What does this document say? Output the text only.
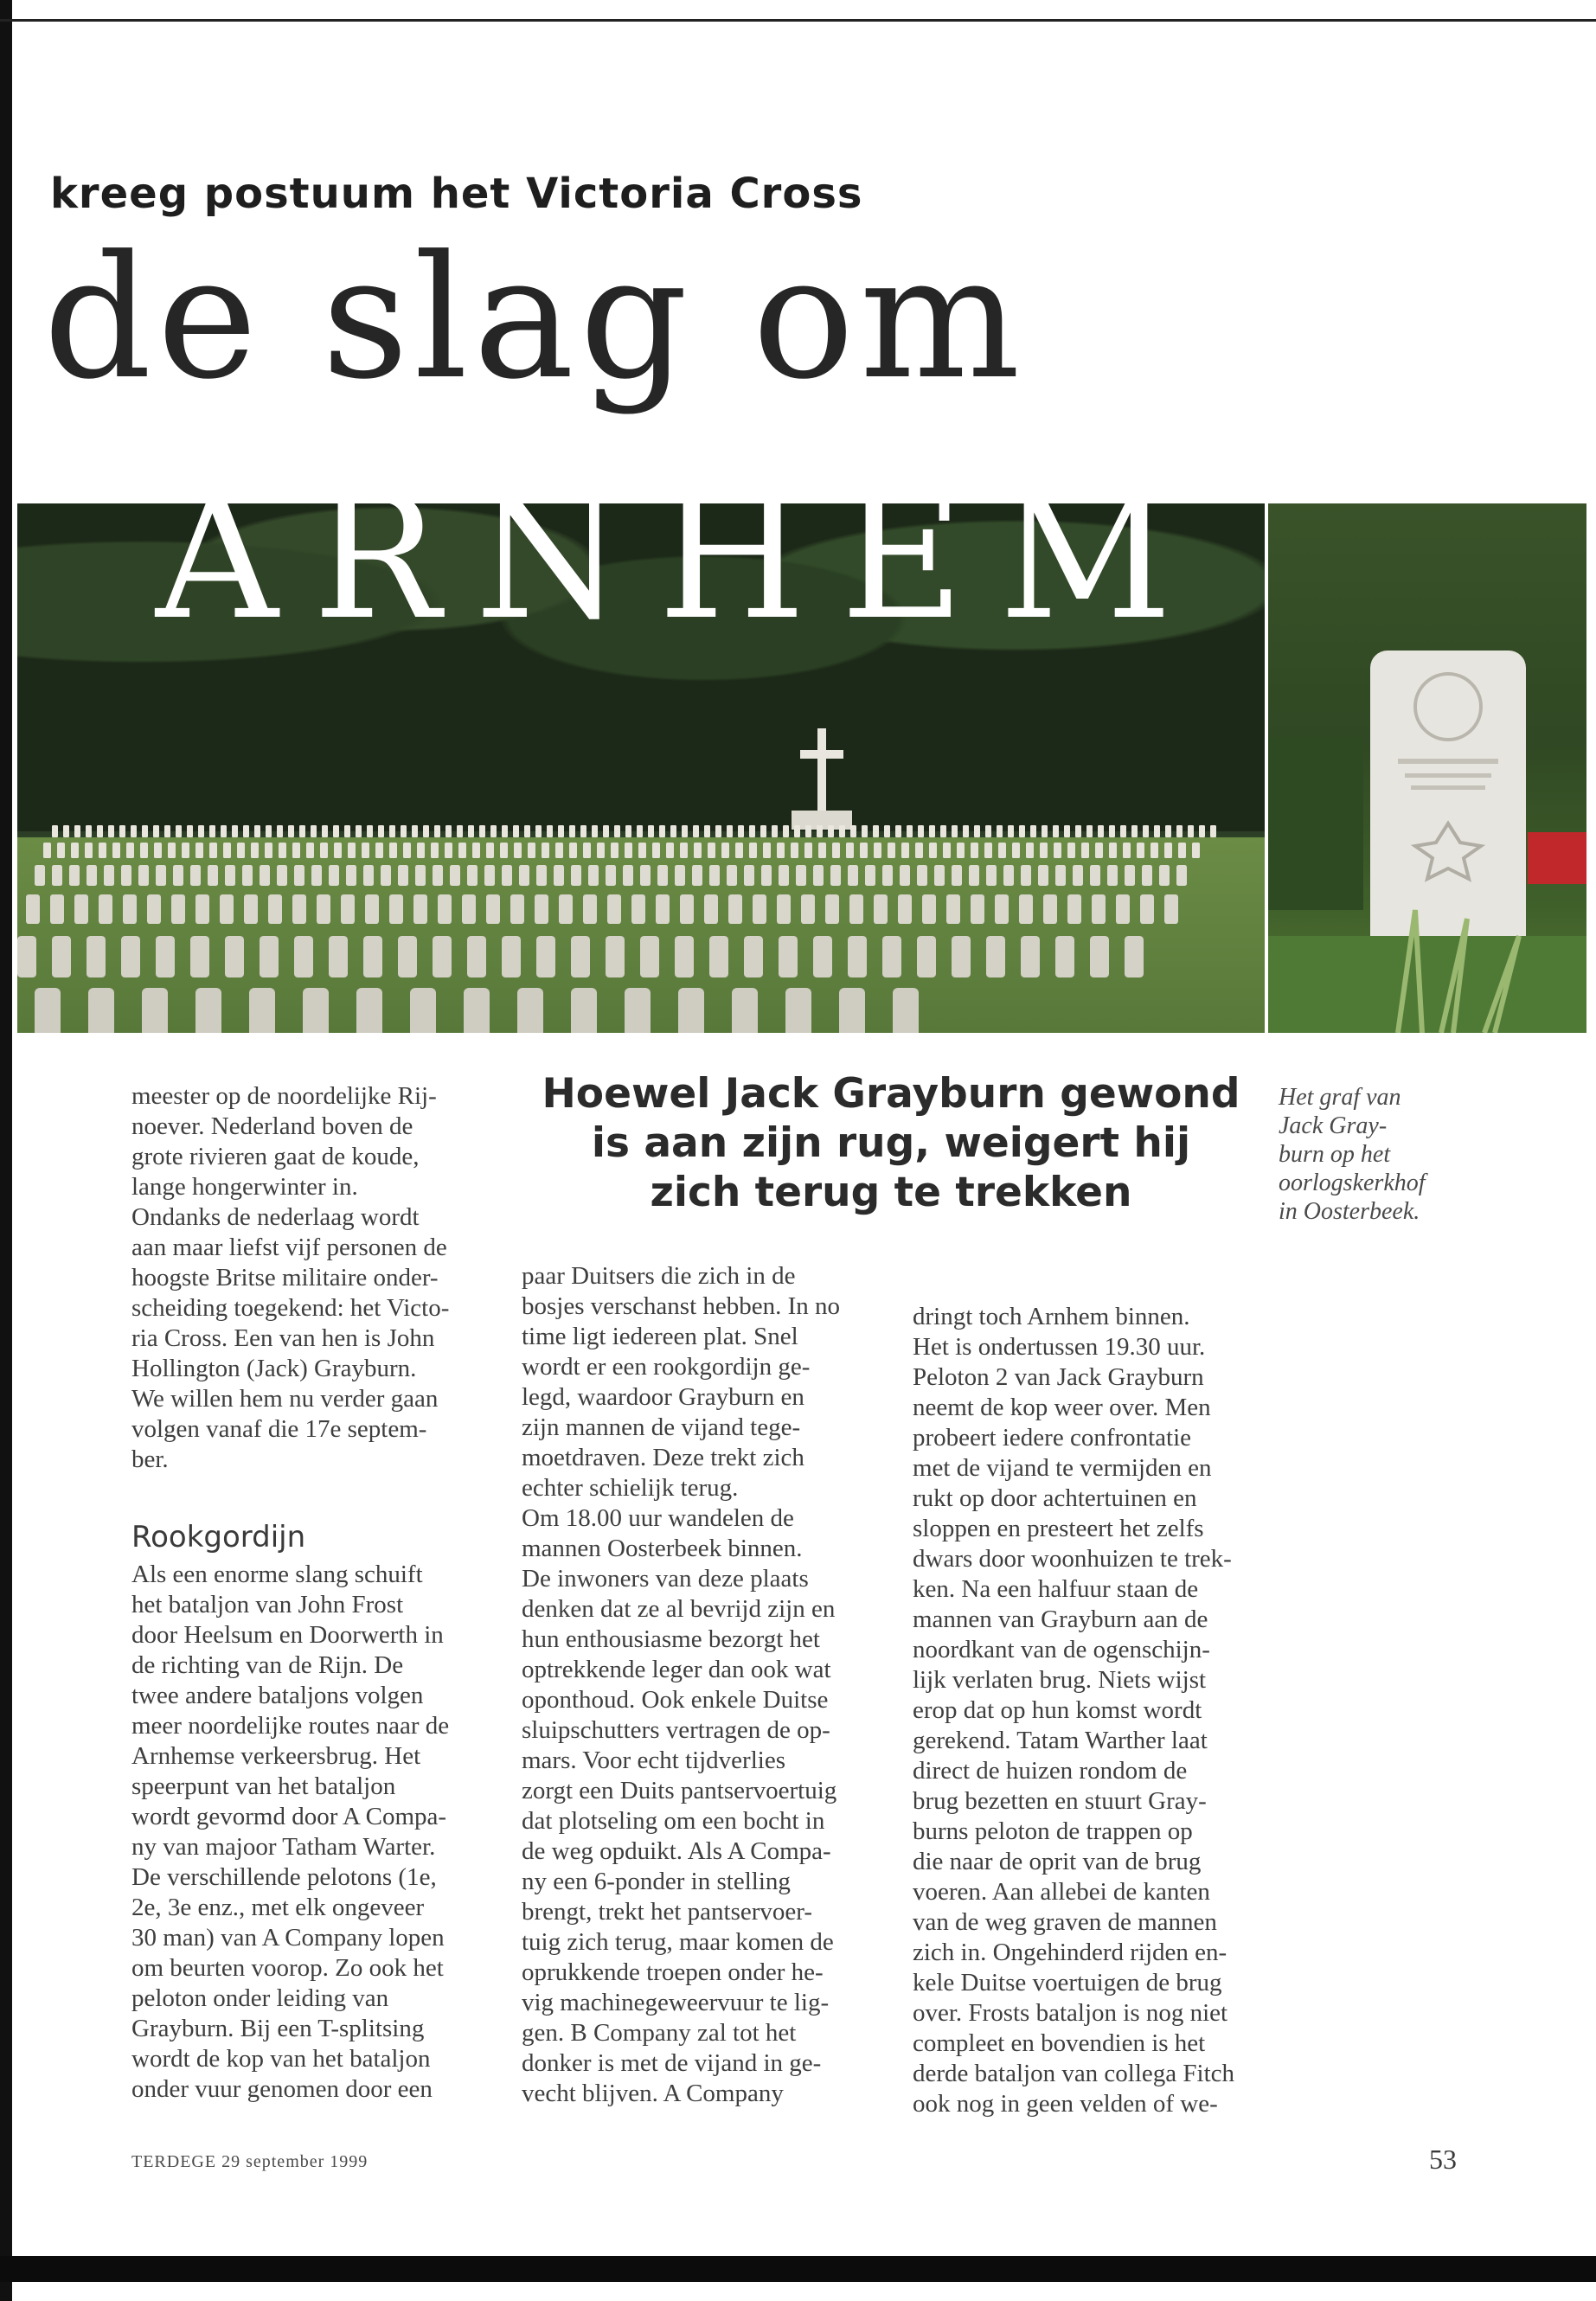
kreeg postuum het Victoria Cross
de slag om
ARNHEM

meester op de noordelijke Rij-

noever. Nederland boven de

grote rivieren gaat de koude,

lange hongerwinter in.

Ondanks de nederlaag wordt

aan maar liefst vijf personen de

hoogste Britse militaire onder-

scheiding toegekend: het Victo-

ria Cross. Een van hen is John

Hollington (Jack) Grayburn.

We willen hem nu verder gaan

volgen vanaf die 17e septem-

ber.

Rookgordijn

Als een enorme slang schuift

het bataljon van John Frost

door Heelsum en Doorwerth in

de richting van de Rijn. De

twee andere bataljons volgen

meer noordelijke routes naar de

Arnhemse verkeersbrug. Het

speerpunt van het bataljon

wordt gevormd door A Compa-

ny van majoor Tatham Warter.

De verschillende pelotons (1e,

2e, 3e enz., met elk ongeveer

30 man) van A Company lopen

om beurten voorop. Zo ook het

peloton onder leiding van

Grayburn. Bij een T-splitsing

wordt de kop van het bataljon

onder vuur genomen door een

Hoewel Jack Grayburn gewond
is aan zijn rug, weigert hij
zich terug te trekken
Het graf van
Jack Gray-
burn op het
oorlogskerkhof
in Oosterbeek.

paar Duitsers die zich in de

bosjes verschanst hebben. In no

time ligt iedereen plat. Snel

wordt er een rookgordijn ge-

legd, waardoor Grayburn en

zijn mannen de vijand tege-

moetdraven. Deze trekt zich

echter schielijk terug.

Om 18.00 uur wandelen de

mannen Oosterbeek binnen.

De inwoners van deze plaats

denken dat ze al bevrijd zijn en

hun enthousiasme bezorgt het

optrekkende leger dan ook wat

oponthoud. Ook enkele Duitse

sluipschutters vertragen de op-

mars. Voor echt tijdverlies

zorgt een Duits pantservoertuig

dat plotseling om een bocht in

de weg opduikt. Als A Compa-

ny een 6-ponder in stelling

brengt, trekt het pantservoer-

tuig zich terug, maar komen de

oprukkende troepen onder he-

vig machinegeweervuur te lig-

gen. B Company zal tot het

donker is met de vijand in ge-

vecht blijven. A Company

dringt toch Arnhem binnen.

Het is ondertussen 19.30 uur.

Peloton 2 van Jack Grayburn

neemt de kop weer over. Men

probeert iedere confrontatie

met de vijand te vermijden en

rukt op door achtertuinen en

sloppen en presteert het zelfs

dwars door woonhuizen te trek-

ken. Na een halfuur staan de

mannen van Grayburn aan de

noordkant van de ogenschijn-

lijk verlaten brug. Niets wijst

erop dat op hun komst wordt

gerekend. Tatam Warther laat

direct de huizen rondom de

brug bezetten en stuurt Gray-

burns peloton de trappen op

die naar de oprit van de brug

voeren. Aan allebei de kanten

van de weg graven de mannen

zich in. Ongehinderd rijden en-

kele Duitse voertuigen de brug

over. Frosts bataljon is nog niet

compleet en bovendien is het

derde bataljon van collega Fitch

ook nog in geen velden of we-

TERDEGE 29 september 1999	53
